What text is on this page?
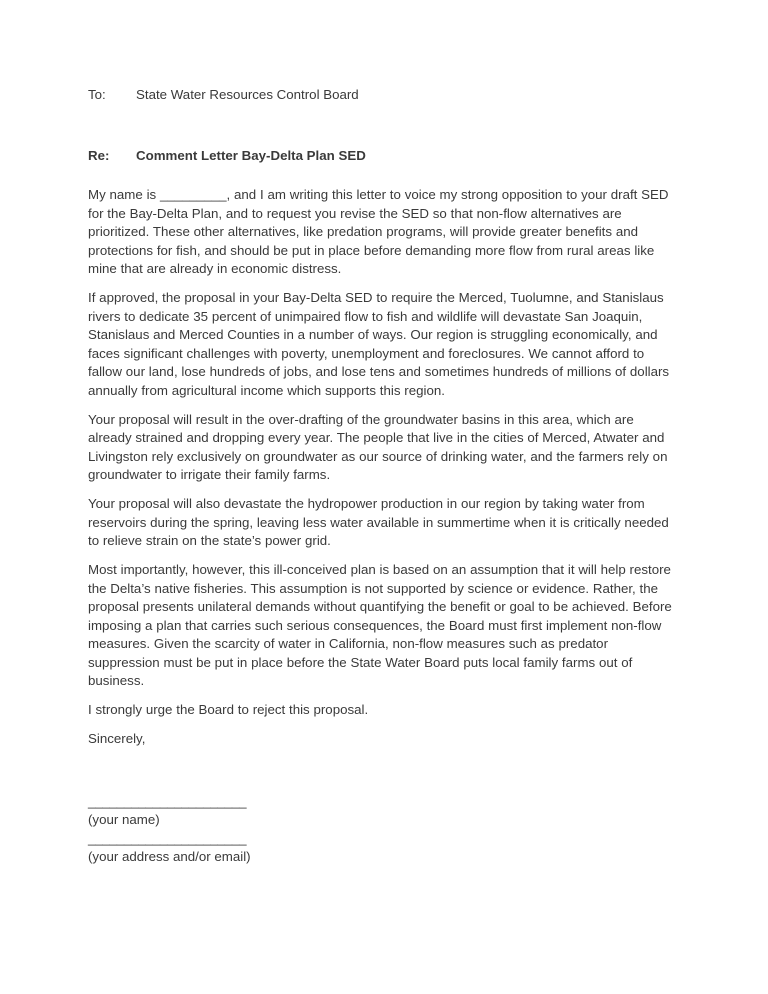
To:	State Water Resources Control Board
Re:	Comment Letter Bay-Delta Plan SED

My name is _________, and I am writing this letter to voice my strong opposition to your draft SED for the Bay-Delta Plan, and to request you revise the SED so that non-flow alternatives are prioritized. These other alternatives, like predation programs, will provide greater benefits and protections for fish, and should be put in place before demanding more flow from rural areas like mine that are already in economic distress.

If approved, the proposal in your Bay-Delta SED to require the Merced, Tuolumne, and Stanislaus rivers to dedicate 35 percent of unimpaired flow to fish and wildlife will devastate San Joaquin, Stanislaus and Merced Counties in a number of ways. Our region is struggling economically, and faces significant challenges with poverty, unemployment and foreclosures. We cannot afford to fallow our land, lose hundreds of jobs, and lose tens and sometimes hundreds of millions of dollars annually from agricultural income which supports this region.

Your proposal will result in the over-drafting of the groundwater basins in this area, which are already strained and dropping every year. The people that live in the cities of Merced, Atwater and Livingston rely exclusively on groundwater as our source of drinking water, and the farmers rely on groundwater to irrigate their family farms.

Your proposal will also devastate the hydropower production in our region by taking water from reservoirs during the spring, leaving less water available in summertime when it is critically needed to relieve strain on the state’s power grid.

Most importantly, however, this ill-conceived plan is based on an assumption that it will help restore the Delta’s native fisheries. This assumption is not supported by science or evidence. Rather, the proposal presents unilateral demands without quantifying the benefit or goal to be achieved. Before imposing a plan that carries such serious consequences, the Board must first implement non-flow measures. Given the scarcity of water in California, non-flow measures such as predator suppression must be put in place before the State Water Board puts local family farms out of business.

I strongly urge the Board to reject this proposal.

Sincerely,
______________________
(your name)
______________________
(your address and/or email)
